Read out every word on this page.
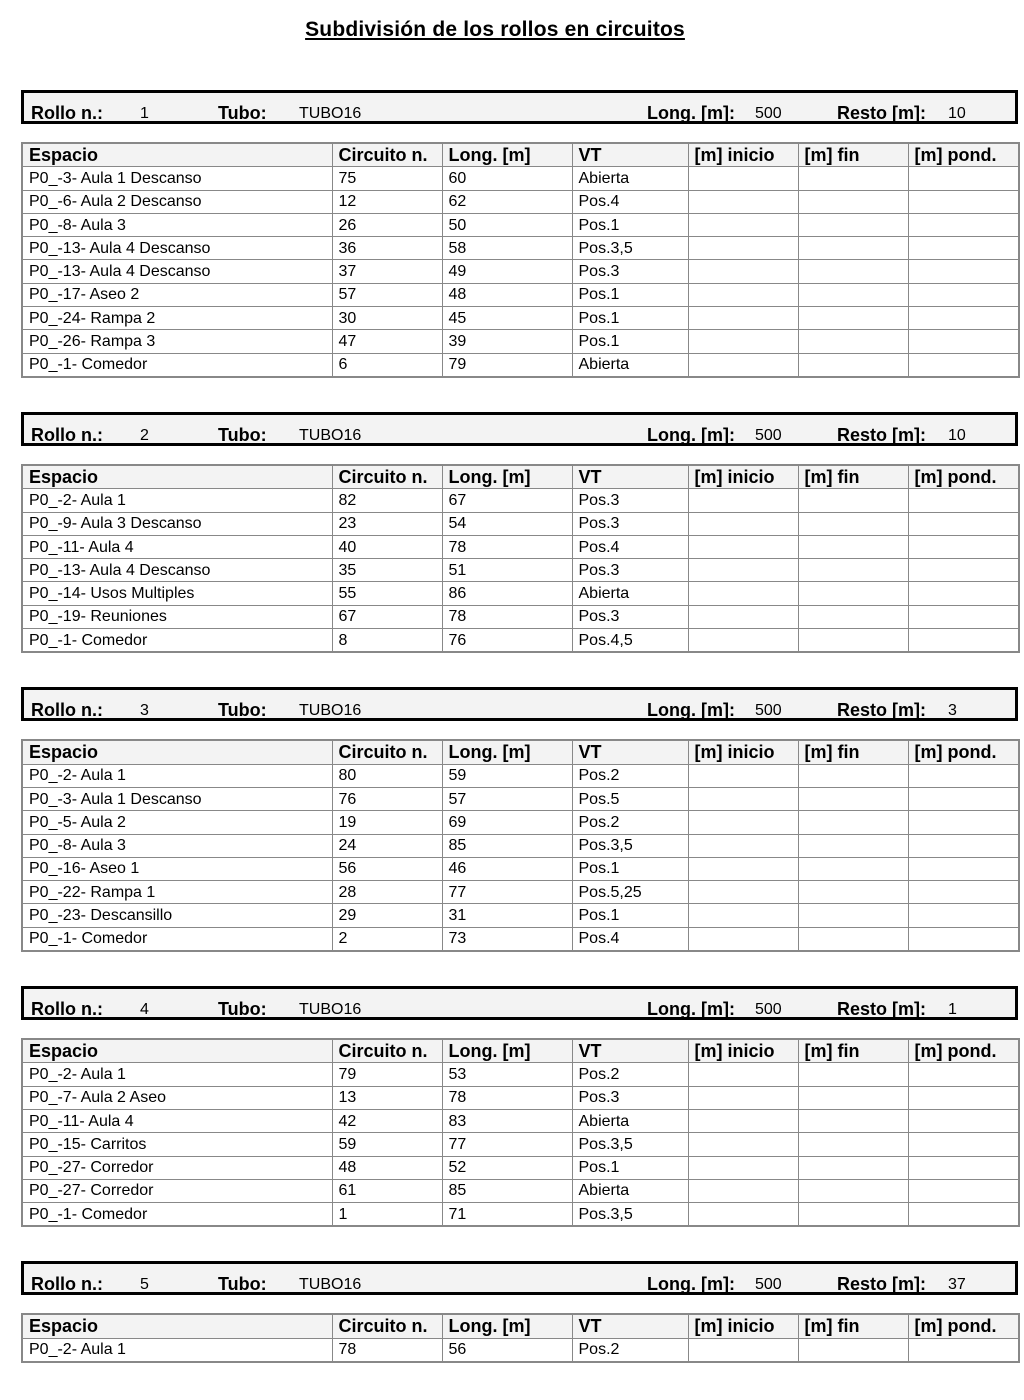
Subdivisión de los rollos en circuitos
Rollo n.: 1	Tubo: TUBO16	Long. [m]: 500	Resto [m]: 10
Espacio	Circuito n.	Long. [m]	VT	[m] inicio	[m] fin	[m] pond.
P0_-3- Aula 1 Descanso	75	60	Abierta			
P0_-6- Aula 2 Descanso	12	62	Pos.4			
P0_-8- Aula 3	26	50	Pos.1			
P0_-13- Aula 4 Descanso	36	58	Pos.3,5			
P0_-13- Aula 4 Descanso	37	49	Pos.3			
P0_-17- Aseo 2	57	48	Pos.1			
P0_-24- Rampa 2	30	45	Pos.1			
P0_-26- Rampa 3	47	39	Pos.1			
P0_-1- Comedor	6	79	Abierta			
Rollo n.: 2	Tubo: TUBO16	Long. [m]: 500	Resto [m]: 10
Espacio	Circuito n.	Long. [m]	VT	[m] inicio	[m] fin	[m] pond.
P0_-2- Aula 1	82	67	Pos.3			
P0_-9- Aula 3 Descanso	23	54	Pos.3			
P0_-11- Aula 4	40	78	Pos.4			
P0_-13- Aula 4 Descanso	35	51	Pos.3			
P0_-14- Usos Multiples	55	86	Abierta			
P0_-19- Reuniones	67	78	Pos.3			
P0_-1- Comedor	8	76	Pos.4,5			
Rollo n.: 3	Tubo: TUBO16	Long. [m]: 500	Resto [m]: 3
Espacio	Circuito n.	Long. [m]	VT	[m] inicio	[m] fin	[m] pond.
P0_-2- Aula 1	80	59	Pos.2			
P0_-3- Aula 1 Descanso	76	57	Pos.5			
P0_-5- Aula 2	19	69	Pos.2			
P0_-8- Aula 3	24	85	Pos.3,5			
P0_-16- Aseo 1	56	46	Pos.1			
P0_-22- Rampa 1	28	77	Pos.5,25			
P0_-23- Descansillo	29	31	Pos.1			
P0_-1- Comedor	2	73	Pos.4			
Rollo n.: 4	Tubo: TUBO16	Long. [m]: 500	Resto [m]: 1
Espacio	Circuito n.	Long. [m]	VT	[m] inicio	[m] fin	[m] pond.
P0_-2- Aula 1	79	53	Pos.2			
P0_-7- Aula 2 Aseo	13	78	Pos.3			
P0_-11- Aula 4	42	83	Abierta			
P0_-15- Carritos	59	77	Pos.3,5			
P0_-27- Corredor	48	52	Pos.1			
P0_-27- Corredor	61	85	Abierta			
P0_-1- Comedor	1	71	Pos.3,5			
Rollo n.: 5	Tubo: TUBO16	Long. [m]: 500	Resto [m]: 37
Espacio	Circuito n.	Long. [m]	VT	[m] inicio	[m] fin	[m] pond.
P0_-2- Aula 1	78	56	Pos.2			
